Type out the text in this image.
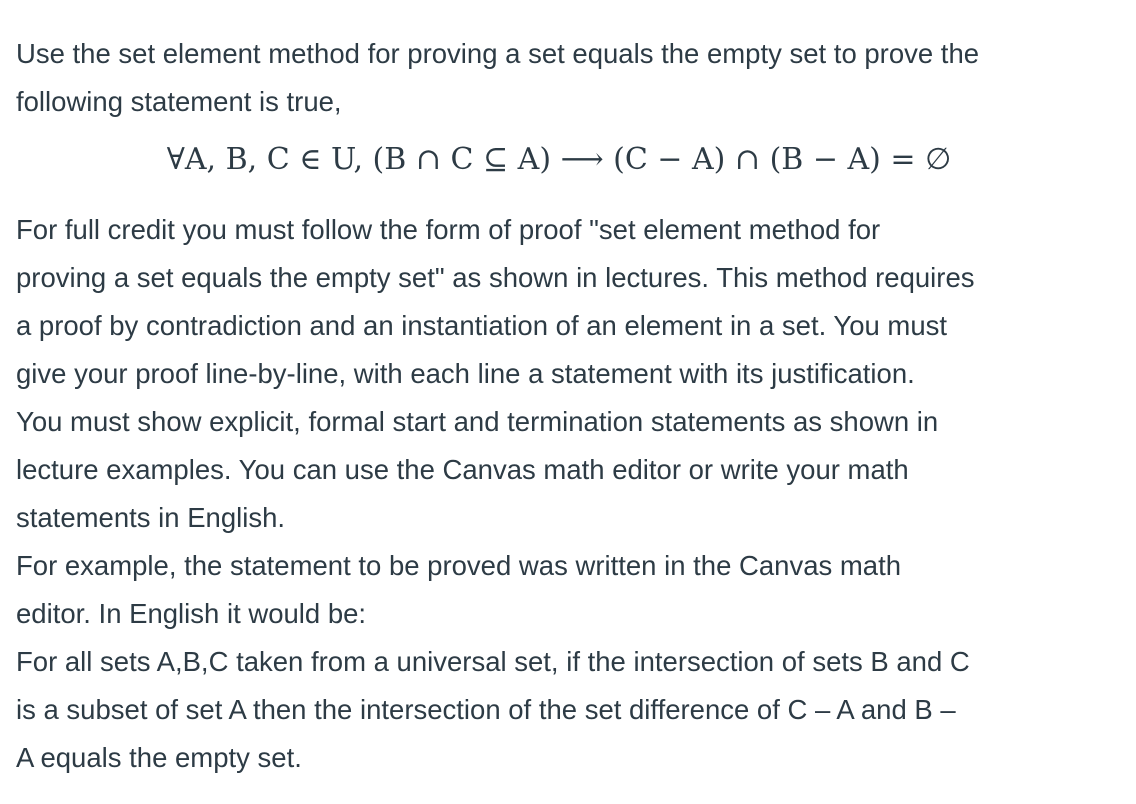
Use the set element method for proving a set equals the empty set to prove the
following statement is true,

∀A, B, C ∈ U, (B ∩ C ⊆ A) ⟶ (C − A) ∩ (B − A) = ∅

For full credit you must follow the form of proof "set element method for
proving a set equals the empty set" as shown in lectures. This method requires
a proof by contradiction and an instantiation of an element in a set. You must
give your proof line-by-line, with each line a statement with its justification.
You must show explicit, formal start and termination statements as shown in
lecture examples. You can use the Canvas math editor or write your math
statements in English.

For example, the statement to be proved was written in the Canvas math
editor. In English it would be:

For all sets A,B,C taken from a universal set, if the intersection of sets B and C
is a subset of set A then the intersection of the set difference of C – A and B –
A equals the empty set.
